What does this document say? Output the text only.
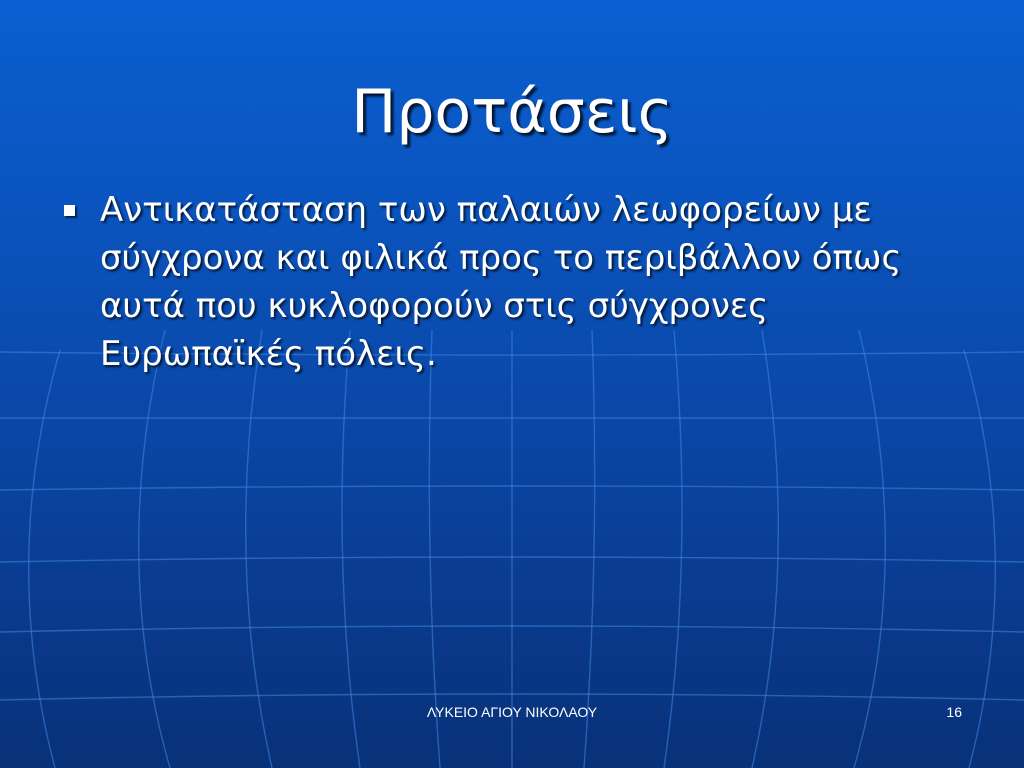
Προτάσεις
Αντικατάσταση των παλαιών λεωφορείων με σύγχρονα και φιλικά προς το περιβάλλον όπως αυτά που κυκλοφορούν στις σύγχρονες Ευρωπαϊκές πόλεις.
ΛΥΚΕΙΟ ΑΓΙΟΥ ΝΙΚΟΛΑΟΥ	16
